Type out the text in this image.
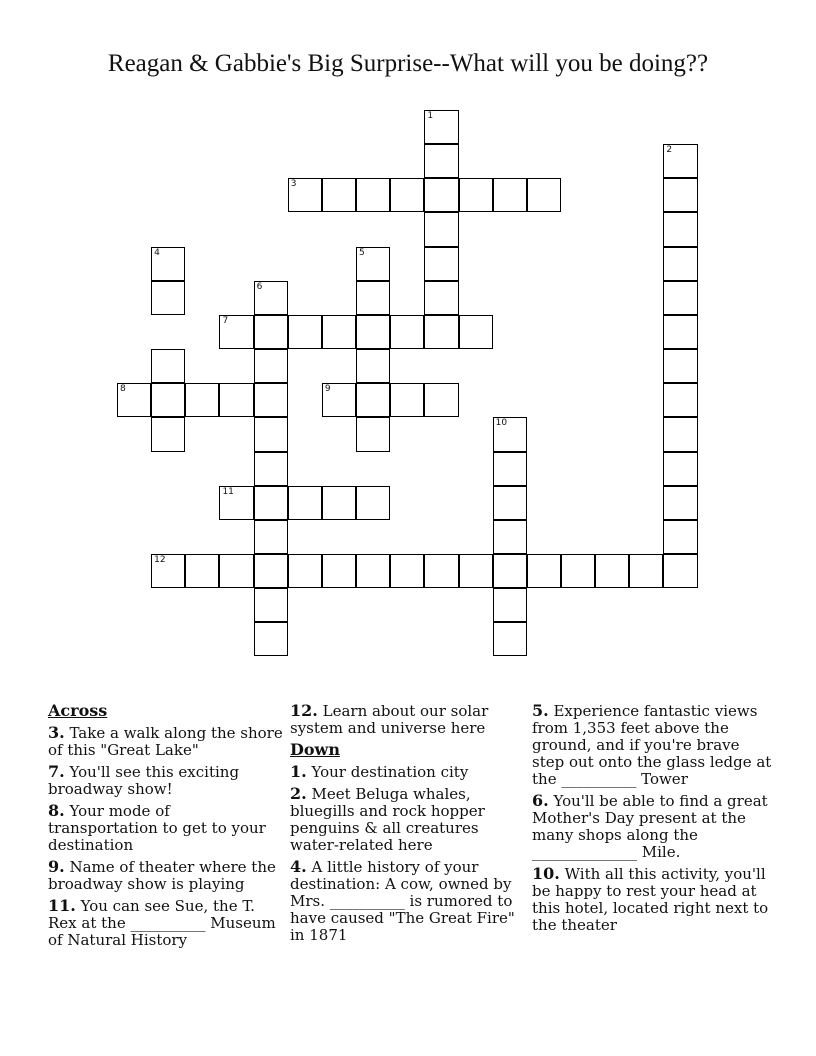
Reagan & Gabbie's Big Surprise--What will you be doing??
1
2
3
4	5
6
7
8	9
10
11
12
Across
3. Take a walk along the shore of this "Great Lake"
7. You'll see this exciting broadway show!
8. Your mode of transportation to get to your destination
9. Name of theater where the broadway show is playing
11. You can see Sue, the T. Rex at the __________ Museum of Natural History
12. Learn about our solar system and universe here
Down
1. Your destination city
2. Meet Beluga whales, bluegills and rock hopper penguins & all creatures water-related here
4. A little history of your destination: A cow, owned by Mrs. __________ is rumored to have caused "The Great Fire" in 1871
5. Experience fantastic views from 1,353 feet above the ground, and if you're brave step out onto the glass ledge at the __________ Tower
6. You'll be able to find a great Mother's Day present at the many shops along the ______________ Mile.
10. With all this activity, you'll be happy to rest your head at this hotel, located right next to the theater
